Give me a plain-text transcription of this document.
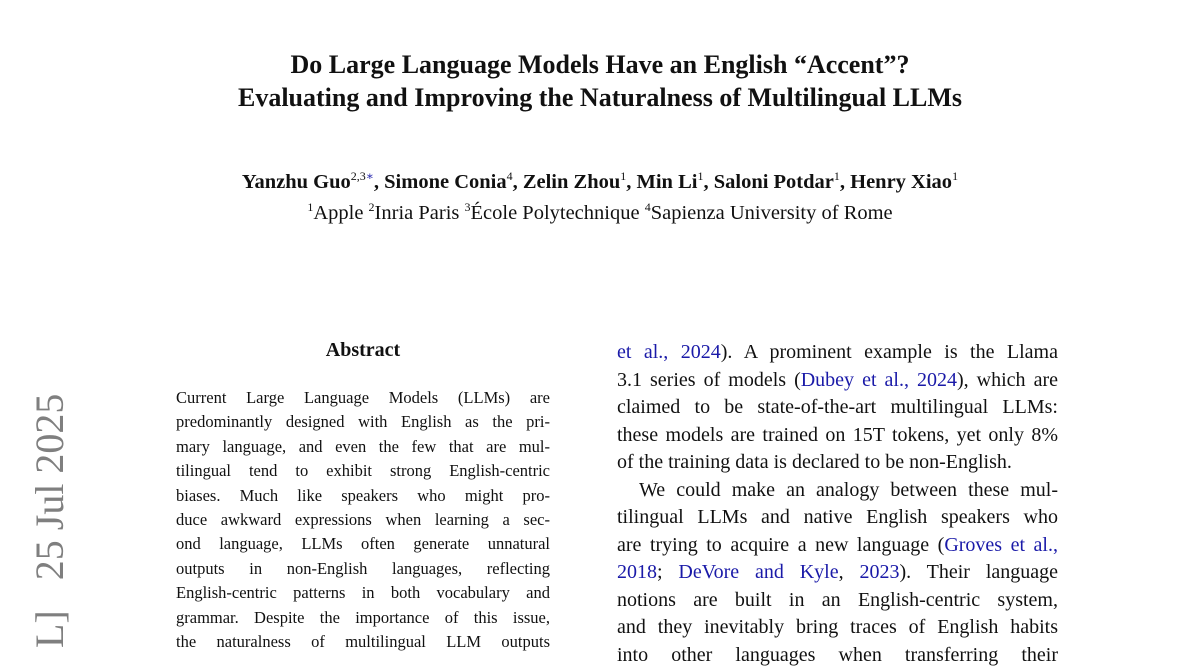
Do Large Language Models Have an English “Accent”?
Evaluating and Improving the Naturalness of Multilingual LLMs
Yanzhu Guo$^{2,3∗}$, Simone Conia$^4$, Zelin Zhou$^1$, Min Li$^1$, Saloni Potdar$^1$, Henry Xiao$^1$
$^1$Apple $^2$Inria Paris $^3$École Polytechnique $^4$Sapienza University of Rome
L]   25 Jul 2025
Abstract
Current Large Language Models (LLMs) are
predominantly designed with English as the pri-
mary language, and even the few that are mul-
tilingual tend to exhibit strong English-centric
biases. Much like speakers who might pro-
duce awkward expressions when learning a sec-
ond language, LLMs often generate unnatural
outputs in non-English languages, reflecting
English-centric patterns in both vocabulary and
grammar. Despite the importance of this issue,
the naturalness of multilingual LLM outputs
et al., 2024). A prominent example is the Llama
3.1 series of models (Dubey et al., 2024), which are
claimed to be state-of-the-art multilingual LLMs:
these models are trained on 15T tokens, yet only 8%
of the training data is declared to be non-English.
We could make an analogy between these mul-
tilingual LLMs and native English speakers who
are trying to acquire a new language (Groves et al.,
2018; DeVore and Kyle, 2023). Their language
notions are built in an English-centric system,
and they inevitably bring traces of English habits
into other languages when transferring their
